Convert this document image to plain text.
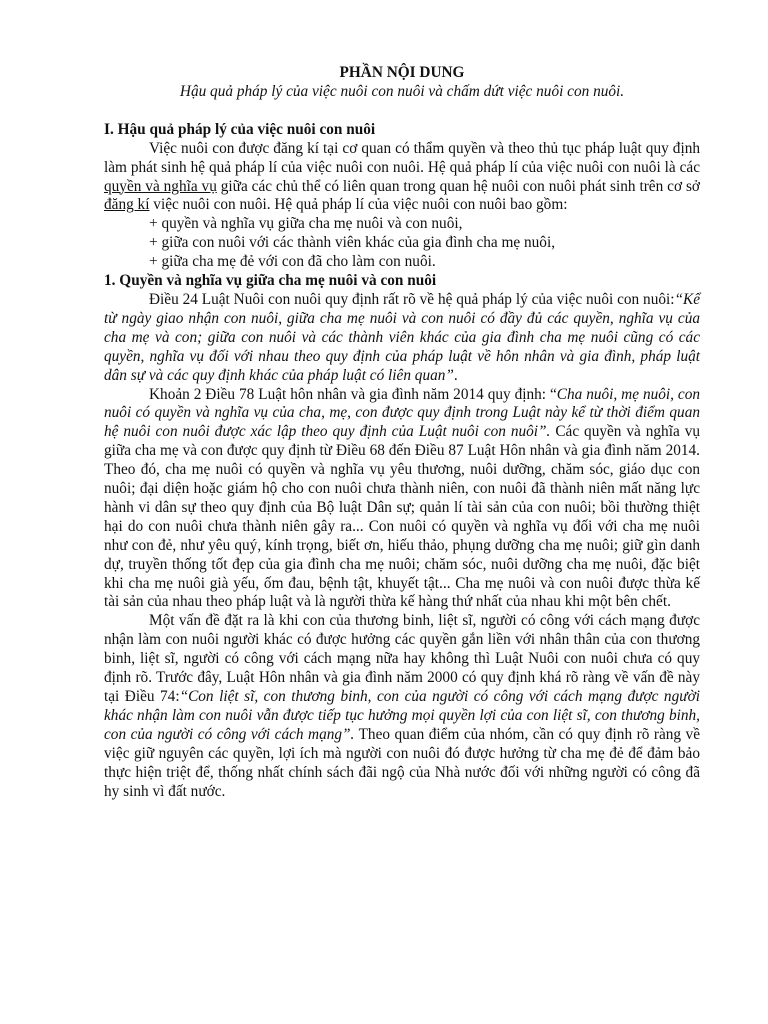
PHẦN NỘI DUNG
Hậu quả pháp lý của việc nuôi con nuôi và chấm dứt việc nuôi con nuôi.
I. Hậu quả pháp lý của việc nuôi con nuôi

Việc nuôi con được đăng kí tại cơ quan có thẩm quyền và theo thủ tục pháp luật quy định làm phát sinh hệ quả pháp lí của việc nuôi con nuôi. Hệ quả pháp lí của việc nuôi con nuôi là các quyền và nghĩa vụ giữa các chủ thể có liên quan trong quan hệ nuôi con nuôi phát sinh trên cơ sở đăng kí việc nuôi con nuôi. Hệ quả pháp lí của việc nuôi con nuôi bao gồm:

+ quyền và nghĩa vụ giữa cha mẹ nuôi và con nuôi,
+ giữa con nuôi với các thành viên khác của gia đình cha mẹ nuôi,
+ giữa cha mẹ đẻ với con đã cho làm con nuôi.
1. Quyền và nghĩa vụ giữa cha mẹ nuôi và con nuôi

Điều 24 Luật Nuôi con nuôi quy định rất rõ về hệ quả pháp lý của việc nuôi con nuôi:“Kể từ ngày giao nhận con nuôi, giữa cha mẹ nuôi và con nuôi có đầy đủ các quyền, nghĩa vụ của cha mẹ và con; giữa con nuôi và các thành viên khác của gia đình cha mẹ nuôi cũng có các quyền, nghĩa vụ đối với nhau theo quy định của pháp luật về hôn nhân và gia đình, pháp luật dân sự và các quy định khác của pháp luật có liên quan”.

Khoản 2 Điều 78 Luật hôn nhân và gia đình năm 2014 quy định: “Cha nuôi, mẹ nuôi, con nuôi có quyền và nghĩa vụ của cha, mẹ, con được quy định trong Luật này kể từ thời điểm quan hệ nuôi con nuôi được xác lập theo quy định của Luật nuôi con nuôi”. Các quyền và nghĩa vụ giữa cha mẹ và con được quy định từ Điều 68 đến Điều 87 Luật Hôn nhân và gia đình năm 2014. Theo đó, cha mẹ nuôi có quyền và nghĩa vụ yêu thương, nuôi dưỡng, chăm sóc, giáo dục con nuôi; đại diện hoặc giám hộ cho con nuôi chưa thành niên, con nuôi đã thành niên mất năng lực hành vi dân sự theo quy định của Bộ luật Dân sự; quản lí tài sản của con nuôi; bồi thường thiệt hại do con nuôi chưa thành niên gây ra... Con nuôi có quyền và nghĩa vụ đối với cha mẹ nuôi như con đẻ, như yêu quý, kính trọng, biết ơn, hiếu thảo, phụng dưỡng cha mẹ nuôi; giữ gìn danh dự, truyền thống tốt đẹp của gia đình cha mẹ nuôi; chăm sóc, nuôi dưỡng cha mẹ nuôi, đặc biệt khi cha mẹ nuôi già yếu, ốm đau, bệnh tật, khuyết tật... Cha mẹ nuôi và con nuôi được thừa kế tài sản của nhau theo pháp luật và là người thừa kế hàng thứ nhất của nhau khi một bên chết.

Một vấn đề đặt ra là khi con của thương binh, liệt sĩ, người có công với cách mạng được nhận làm con nuôi người khác có được hưởng các quyền gắn liền với nhân thân của con thương binh, liệt sĩ, người có công với cách mạng nữa hay không thì Luật Nuôi con nuôi chưa có quy định rõ. Trước đây, Luật Hôn nhân và gia đình năm 2000 có quy định khá rõ ràng về vấn đề này tại Điều 74:“Con liệt sĩ, con thương binh, con của người có công với cách mạng được người khác nhận làm con nuôi vẫn được tiếp tục hưởng mọi quyền lợi của con liệt sĩ, con thương binh, con của người có công với cách mạng”. Theo quan điểm của nhóm, cần có quy định rõ ràng về việc giữ nguyên các quyền, lợi ích mà người con nuôi đó được hưởng từ cha mẹ đẻ để đảm bảo thực hiện triệt để, thống nhất chính sách đãi ngộ của Nhà nước đối với những người có công đã hy sinh vì đất nước.
